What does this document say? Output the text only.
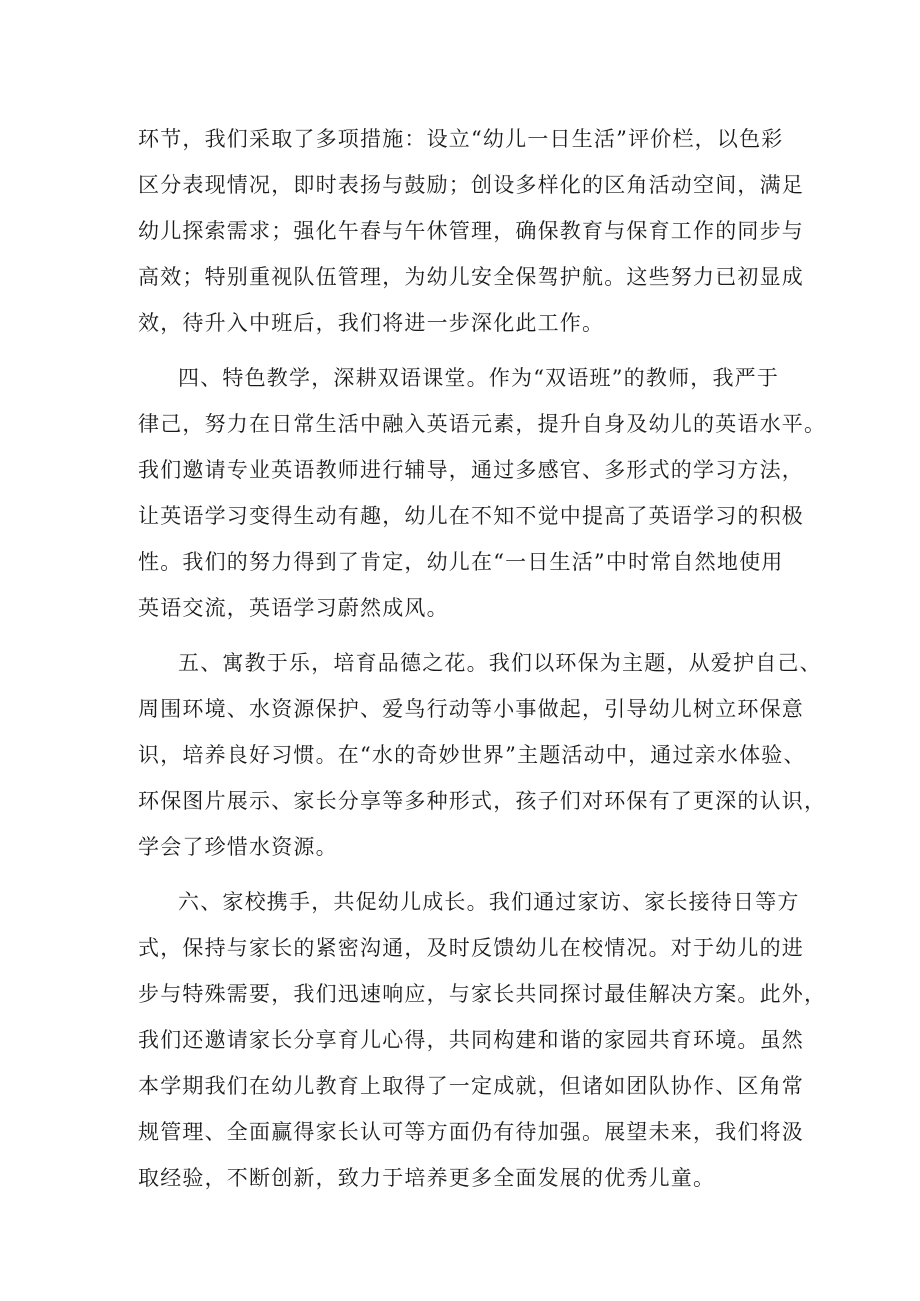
环节，我们采取了多项措施：设立“幼儿一日生活”评价栏，以色彩
区分表现情况，即时表扬与鼓励；创设多样化的区角活动空间，满足
幼儿探索需求；强化午舂与午休管理，确保教育与保育工作的同步与
高效；特别重视队伍管理，为幼儿安全保驾护航。这些努力已初显成
效，待升入中班后，我们将进一步深化此工作。
四、特色教学，深耕双语课堂。作为“双语班”的教师，我严于
律己，努力在日常生活中融入英语元素，提升自身及幼儿的英语水平。
我们邀请专业英语教师进行辅导，通过多感官、多形式的学习方法，
让英语学习变得生动有趣，幼儿在不知不觉中提高了英语学习的积极
性。我们的努力得到了肯定，幼儿在“一日生活”中时常自然地使用
英语交流，英语学习蔚然成风。
五、寓教于乐，培育品德之花。我们以环保为主题，从爱护自己、
周围环境、水资源保护、爱鸟行动等小事做起，引导幼儿树立环保意
识，培养良好习惯。在“水的奇妙世界”主题活动中，通过亲水体验、
环保图片展示、家长分享等多种形式，孩子们对环保有了更深的认识，
学会了珍惜水资源。
六、家校携手，共促幼儿成长。我们通过家访、家长接待日等方
式，保持与家长的紧密沟通，及时反馈幼儿在校情况。对于幼儿的进
步与特殊需要，我们迅速响应，与家长共同探讨最佳解决方案。此外，
我们还邀请家长分享育儿心得，共同构建和谐的家园共育环境。虽然
本学期我们在幼儿教育上取得了一定成就，但诸如团队协作、区角常
规管理、全面赢得家长认可等方面仍有待加强。展望未来，我们将汲
取经验，不断创新，致力于培养更多全面发展的优秀儿童。
